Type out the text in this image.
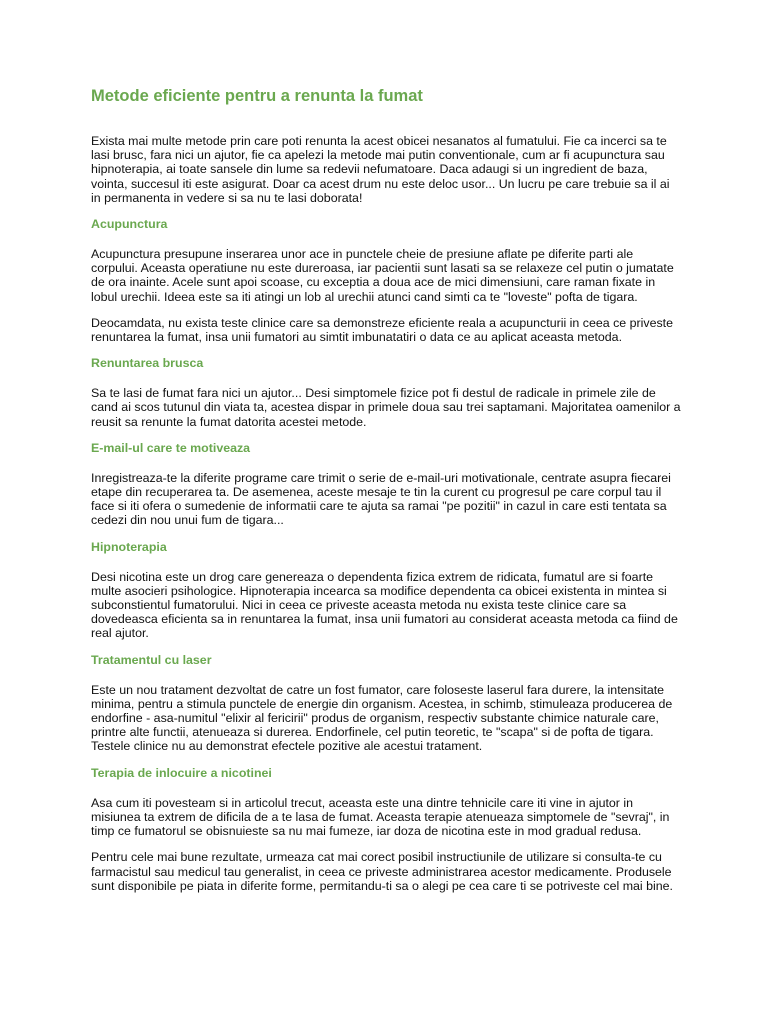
Metode eficiente pentru a renunta la fumat

Exista mai multe metode prin care poti renunta la acest obicei nesanatos al fumatului. Fie ca incerci sa te lasi brusc, fara nici un ajutor, fie ca apelezi la metode mai putin conventionale, cum ar fi acupunctura sau hipnoterapia, ai toate sansele din lume sa redevii nefumatoare. Daca adaugi si un ingredient de baza, vointa, succesul iti este asigurat. Doar ca acest drum nu este deloc usor... Un lucru pe care trebuie sa il ai in permanenta in vedere si sa nu te lasi doborata!

Acupunctura

Acupunctura presupune inserarea unor ace in punctele cheie de presiune aflate pe diferite parti ale corpului. Aceasta operatiune nu este dureroasa, iar pacientii sunt lasati sa se relaxeze cel putin o jumatate de ora inainte. Acele sunt apoi scoase, cu exceptia a doua ace de mici dimensiuni, care raman fixate in lobul urechii. Ideea este sa iti atingi un lob al urechii atunci cand simti ca te "loveste" pofta de tigara.

Deocamdata, nu exista teste clinice care sa demonstreze eficiente reala a acupuncturii in ceea ce priveste renuntarea la fumat, insa unii fumatori au simtit imbunatatiri o data ce au aplicat aceasta metoda.

Renuntarea brusca

Sa te lasi de fumat fara nici un ajutor... Desi simptomele fizice pot fi destul de radicale in primele zile de cand ai scos tutunul din viata ta, acestea dispar in primele doua sau trei saptamani. Majoritatea oamenilor a reusit sa renunte la fumat datorita acestei metode.

E-mail-ul care te motiveaza

Inregistreaza-te la diferite programe care trimit o serie de e-mail-uri motivationale, centrate asupra fiecarei etape din recuperarea ta. De asemenea, aceste mesaje te tin la curent cu progresul pe care corpul tau il face si iti ofera o sumedenie de informatii care te ajuta sa ramai "pe pozitii" in cazul in care esti tentata sa cedezi din nou unui fum de tigara...

Hipnoterapia

Desi nicotina este un drog care genereaza o dependenta fizica extrem de ridicata, fumatul are si foarte multe asocieri psihologice. Hipnoterapia incearca sa modifice dependenta ca obicei existenta in mintea si subconstientul fumatorului. Nici in ceea ce priveste aceasta metoda nu exista teste clinice care sa dovedeasca eficienta sa in renuntarea la fumat, insa unii fumatori au considerat aceasta metoda ca fiind de real ajutor.

Tratamentul cu laser

Este un nou tratament dezvoltat de catre un fost fumator, care foloseste laserul fara durere, la intensitate minima, pentru a stimula punctele de energie din organism. Acestea, in schimb, stimuleaza producerea de endorfine - asa-numitul "elixir al fericirii" produs de organism, respectiv substante chimice naturale care, printre alte functii, atenueaza si durerea. Endorfinele, cel putin teoretic, te "scapa" si de pofta de tigara. Testele clinice nu au demonstrat efectele pozitive ale acestui tratament.

Terapia de inlocuire a nicotinei

Asa cum iti povesteam si in articolul trecut, aceasta este una dintre tehnicile care iti vine in ajutor in misiunea ta extrem de dificila de a te lasa de fumat. Aceasta terapie atenueaza simptomele de "sevraj", in timp ce fumatorul se obisnuieste sa nu mai fumeze, iar doza de nicotina este in mod gradual redusa.

Pentru cele mai bune rezultate, urmeaza cat mai corect posibil instructiunile de utilizare si consulta-te cu farmacistul sau medicul tau generalist, in ceea ce priveste administrarea acestor medicamente. Produsele sunt disponibile pe piata in diferite forme, permitandu-ti sa o alegi pe cea care ti se potriveste cel mai bine.
